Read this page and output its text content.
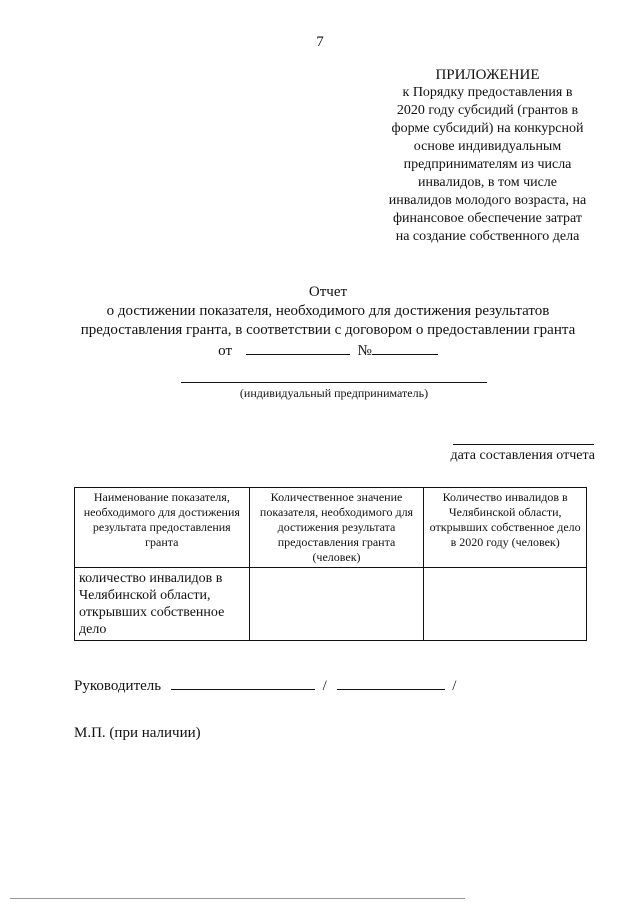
7
ПРИЛОЖЕНИЕ
к Порядку предоставления в
2020 году субсидий (грантов в
форме субсидий) на конкурсной
основе индивидуальным
предпринимателям из числа
инвалидов, в том числе
инвалидов молодого возраста, на
финансовое обеспечение затрат
на создание собственного дела
Отчет
о достижении показателя, необходимого для достижения результатов
предоставления гранта, в соответствии с договором о предоставлении гранта
от	№
(индивидуальный предприниматель)
дата составления отчета
Наименование показателя, необходимого для достижения результата предоставления гранта	Количественное значение показателя, необходимого для достижения результата предоставления гранта (человек)	Количество инвалидов в Челябинской области, открывших собственное дело в 2020 году (человек)
количество инвалидов в Челябинской области, открывших собственное дело		
Руководитель	/	/
М.П. (при наличии)
